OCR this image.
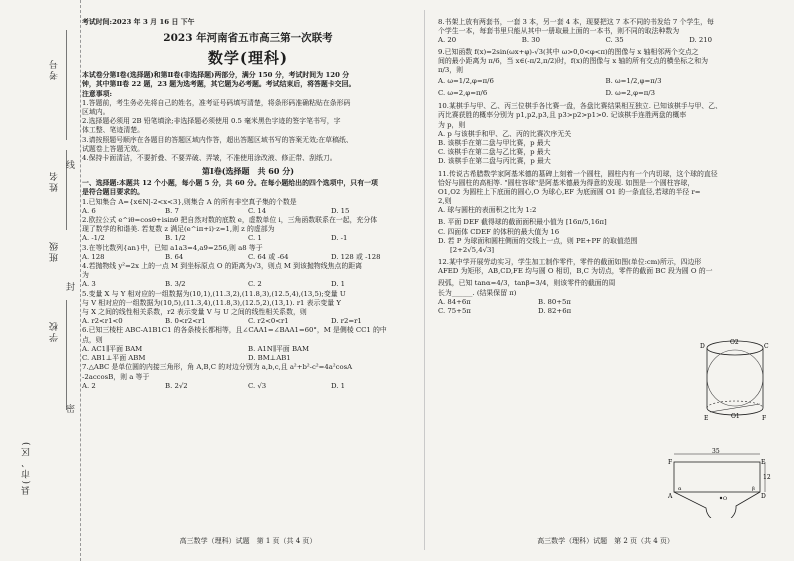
考号
姓名
班级
学校
县(市、区)
线
封
密
考试时间:2023 年 3 月 16 日 下午
2023 年河南省五市高三第一次联考
数学(理科)
本试卷分第Ⅰ卷(选择题)和第Ⅱ卷(非选择题)两部分，满分 150 分，考试时间为 120 分
钟，其中第Ⅱ卷 22 题，23 题为选考题，其它题为必考题。考试结束后，将答题卡交回。
注意事项:
1.答题前，考生务必先将自己的姓名，准考证号码填写清楚，将条形码准确粘贴在条形码
区域内。
2.选择题必须用 2B 铅笔填涂;非选择题必须使用 0.5 毫米黑色字迹的签字笔书写，字
体工整、笔迹清楚。
3.请按照题号顺序在各题目的答题区域内作答，超出答题区域书写的答案无效;在草稿纸、
试题卷上答题无效。
4.保持卡面清洁，不要折叠、不要弄破、弄皱，不准使用涂改液、修正带、刮纸刀。
第Ⅰ卷(选择题　共 60 分)
一、选择题:本题共 12 个小题，每小题 5 分，共 60 分。在每小题给出的四个选项中，只有一项
是符合题目要求的。
1.已知集合 A={x∈N|-2<x<3},则集合 A 的所有非空真子集的个数是
A. 6	B. 7	C. 14	D. 15
2.欧拉公式 e^iθ=cosθ+isinθ 把自然对数的底数 e，虚数单位 i，三角函数联系在一起，充分体
现了数学的和谐美. 若复数 z 满足(e^iπ+i)·z=1,则 z 的虚部为
A. -1/2	B. 1/2	C. 1	D. -1
3.在等比数列{an}中，已知 a1a3=4,a9=256,则 a8 等于
A. 128	B. 64	C. 64 或 -64	D. 128 或 -128
4.若抛物线 y²=2x 上的一点 M 到坐标原点 O 的距离为√3，则点 M 到该抛物线焦点的距离
为
A. 3	B. 3/2	C. 2	D. 1
5.变量 X 与 Y 相对应的一组数据为(10,1),(11.3,2),(11.8,3),(12.5,4),(13,5);变量 U
与 V 相对应的一组数据为(10,5),(11.3,4),(11.8,3),(12.5,2),(13,1). r1 表示变量 Y
与 X 之间的线性相关系数，r2 表示变量 V 与 U 之间的线性相关系数，则
A. r2<r1<0	B. 0<r2<r1	C. r2<0<r1	D. r2=r1
6.已知三棱柱 ABC-A1B1C1 的各条棱长都相等，且∠CAA1=∠BAA1=60°，M 是侧棱 CC1 的中
点，则
A. AC1∥平面 BAM	B. A1N∥平面 BAM
C. AB1⊥平面 ABM	D. BM⊥AB1
7.△ABC 是单位圆的内接三角形，角 A,B,C 的对边分别为 a,b,c,且 a²+b²-c²=4a²cosA
-2accosB，则 a 等于
A. 2	B. 2√2	C. √3	D. 1
高三数学（理科）试题　第 1 页（共 4 页）
8.书架上放有两套书，一套 3 本，另一套 4 本，现要把这 7 本不同的书发给 7 个学生，每
个学生一本，每套书里只能从其中一册取最上面的一本书，则不同的取法种数为
A. 20	B. 30	C. 35	D. 210
9.已知函数 f(x)=2sin(ωx+φ)-√3(其中 ω>0,0<φ<π)的图像与 x 轴相邻两个交点之
间的最小距离为 π/6，当 x∈(-π/2,π/2)时，f(x)的图像与 x 轴的所有交点的横坐标之和为
π/3，则
A. ω=1/2,φ=π/6	B. ω=1/2,φ=π/3
C. ω=2,φ=π/6	D. ω=2,φ=π/3
10.某棋手与甲、乙、丙三位棋手各比赛一盘，各盘比赛结果相互独立. 已知该棋手与甲、乙、
丙比赛获胜的概率分别为 p1,p2,p3,且 p3>p2>p1>0. 记该棋手连胜两盘的概率
为 p，则
A. p 与该棋手和甲、乙、丙的比赛次序无关
B. 该棋手在第二盘与甲比赛，p 最大
C. 该棋手在第二盘与乙比赛，p 最大
D. 该棋手在第二盘与丙比赛，p 最大
11.传说古希腊数学家阿基米德的墓碑上刻着一个圆柱，圆柱内有一个内切球，这个球的直径
恰好与圆柱的高相等. "圆柱容球"是阿基米德最为得意的发现. 如图是一个圆柱容球，
O1,O2 为圆柱上下底面的圆心,O 为球心,EF 为底面圆 O1 的一条直径,若球的半径 r=
2,则
A. 球与圆柱的表面积之比为 1:2
B. 平面 DEF 截得球的截面面积最小值为 [16π/5,16π]
C. 四面体 CDEF 的体积的最大值为 16
D. 若 P 为球面和圆柱侧面的交线上一点，则 PE+PF 的取值范围
[2+2√5,4√3]
12.某中学开展劳动实习，学生加工制作零件，零件的截面如图(单位:cm)所示，四边形
AFED 为矩形，AB,CD,FE 均与圆 O 相切，B,C 为切点，零件的截面 BC 段为圆 O 的一
段弧，已知 tanα=4/3，tanβ=3/4，则该零件的截面的周
长为______. (结果保留 π)
A. 84+6π	B. 80+5π
C. 75+5π	D. 82+6π
O2
O1
D	C
E	F
35
12
F	E
A	D
O
α	β
高三数学（理科）试题　第 2 页（共 4 页）
